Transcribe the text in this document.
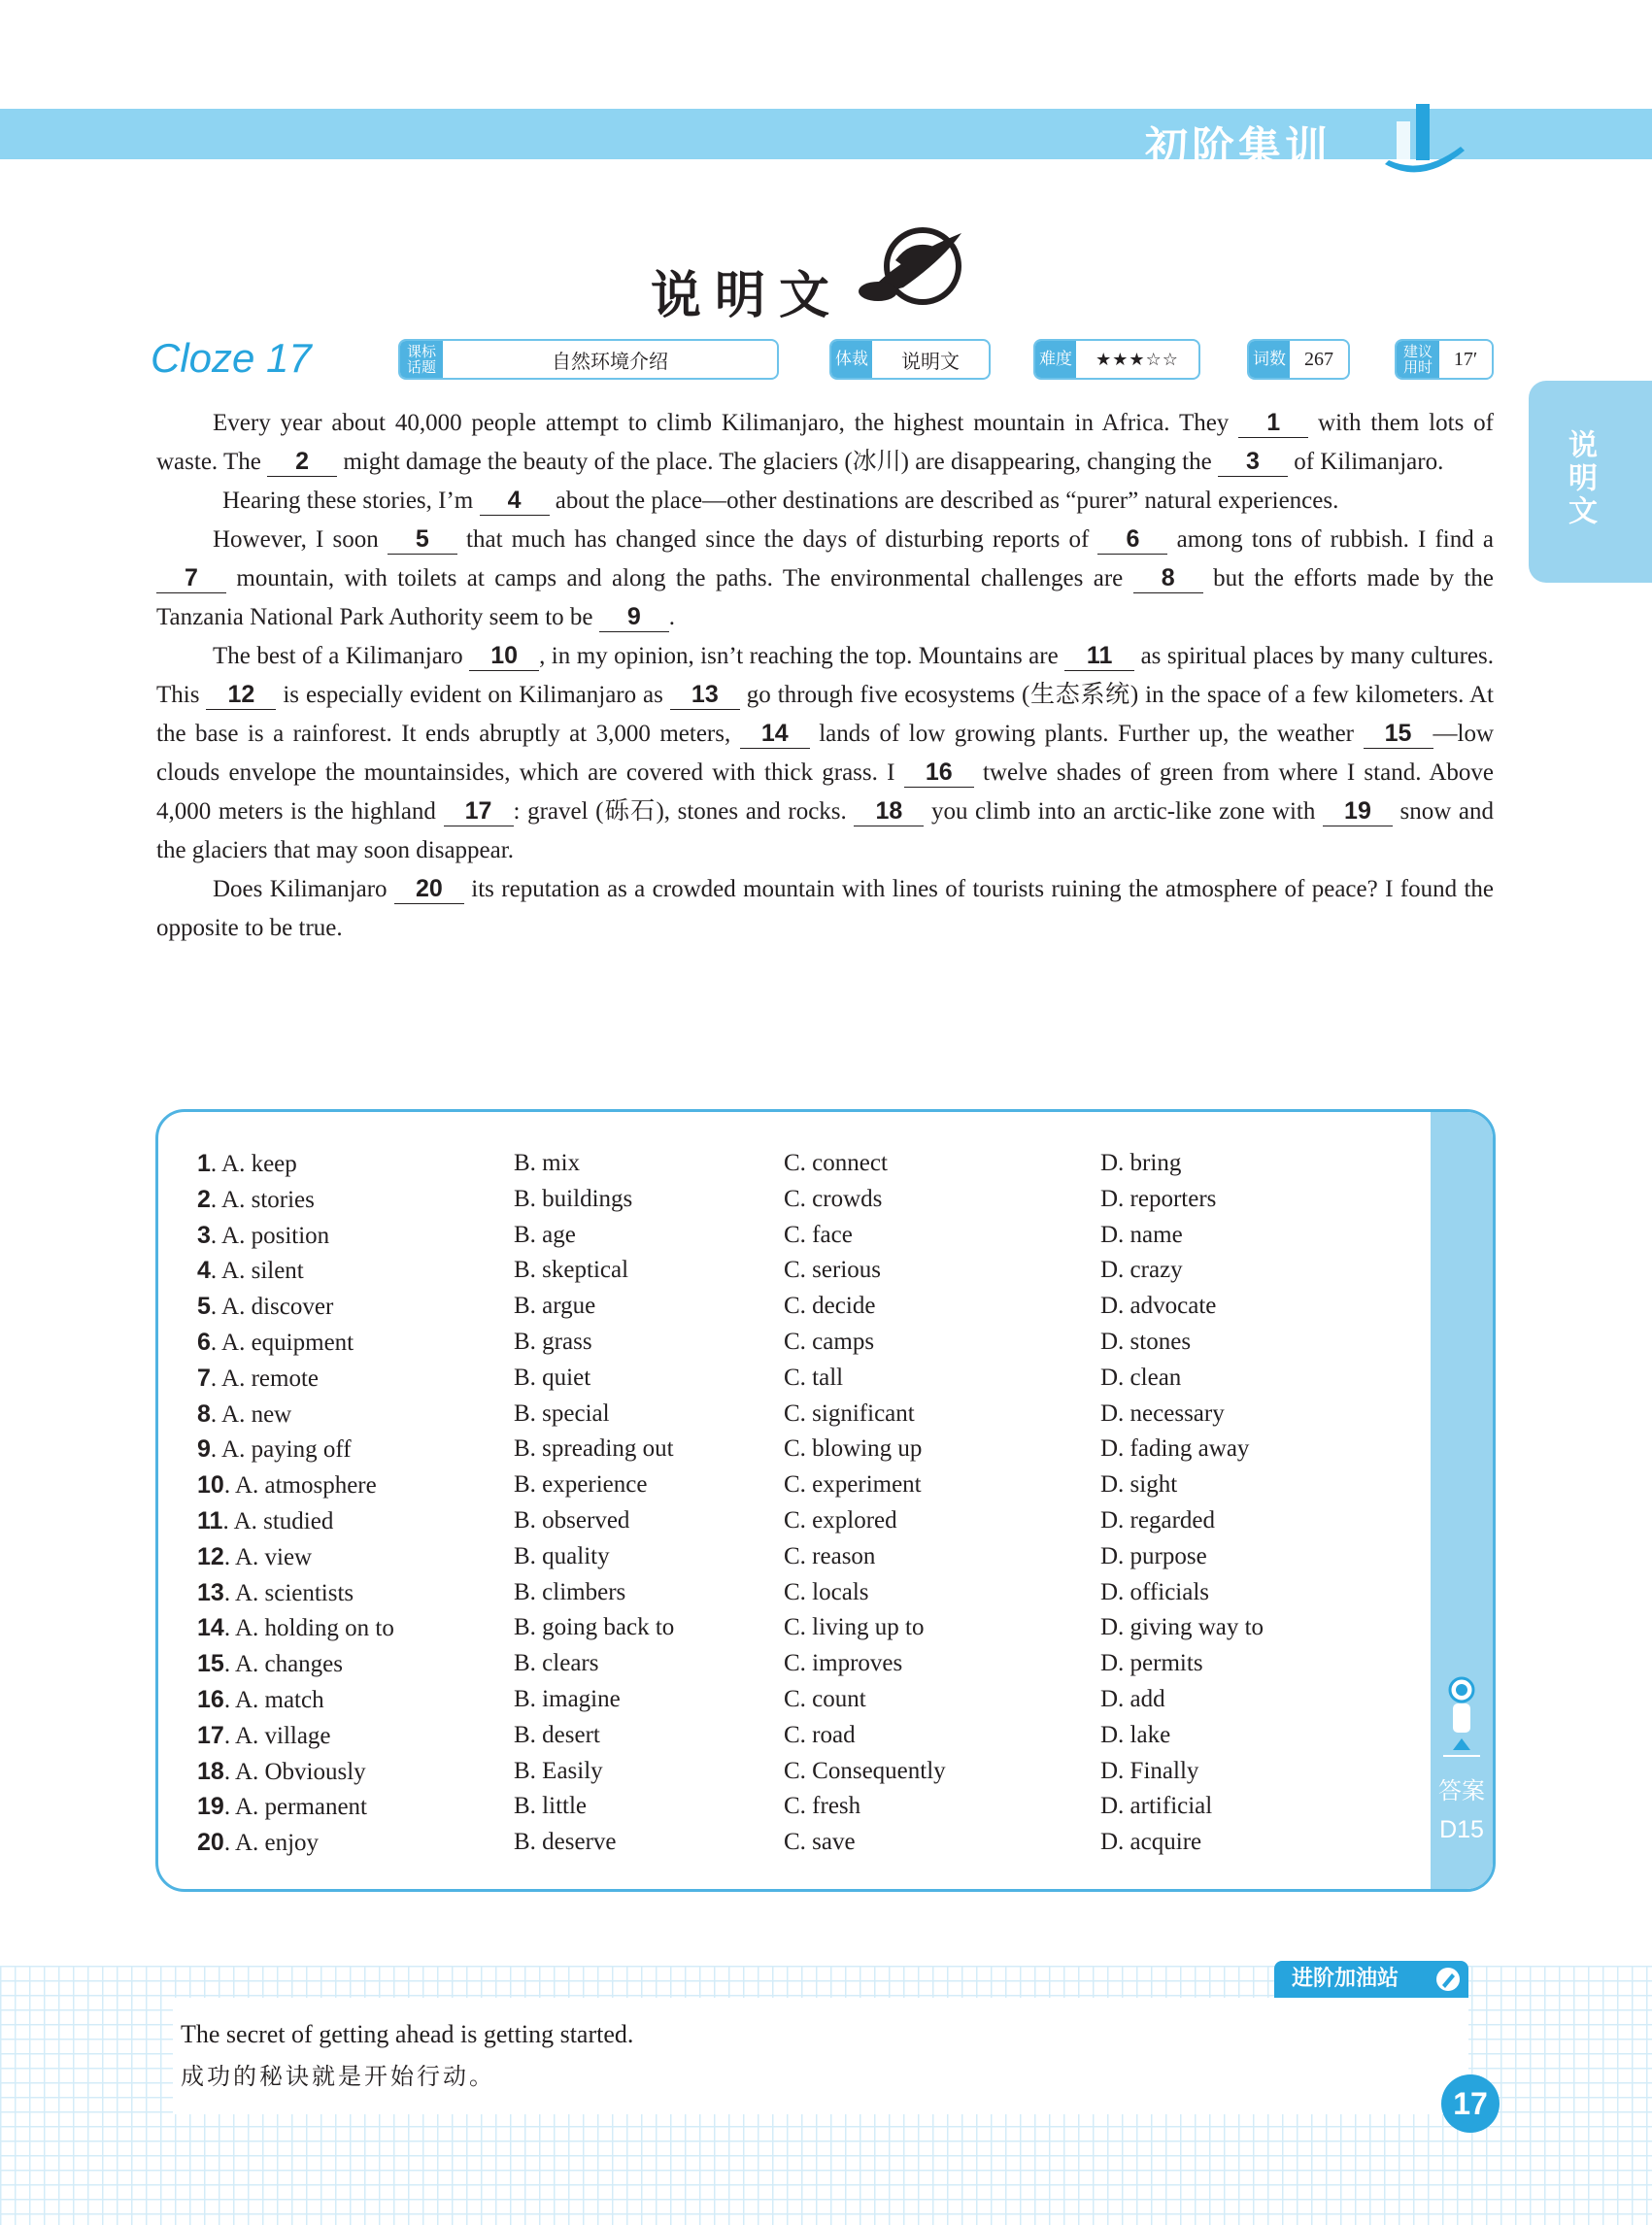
初阶集训
说明文
Cloze 17	课标话题	自然环境介绍	体裁	说明文	难度	★★★☆☆	词数 267	建议用时	17′
说明文

Every year about 40,000 people attempt to climb Kilimanjaro, the highest mountain in Africa. They 1 with them lots of waste. The 2 might damage the beauty of the place. The glaciers (冰川) are disappearing, changing the 3 of Kilimanjaro.

Hearing these stories, I’m 4 about the place—other destinations are described as “purer” natural experiences.

However, I soon 5 that much has changed since the days of disturbing reports of 6 among tons of rubbish. I find a 7 mountain, with toilets at camps and along the paths. The environmental challenges are 8 but the efforts made by the Tanzania National Park Authority seem to be 9 .

The best of a Kilimanjaro 10 , in my opinion, isn’t reaching the top. Mountains are 11 as spiritual places by many cultures. This 12 is especially evident on Kilimanjaro as 13 go through five ecosystems (生态系统) in the space of a few kilometers. At the base is a rainforest. It ends abruptly at 3,000 meters, 14 lands of low growing plants. Further up, the weather 15 —low clouds envelope the mountainsides, which are covered with thick grass. I 16 twelve shades of green from where I stand. Above 4,000 meters is the highland 17 : gravel (砾石), stones and rocks. 18 you climb into an arctic-like zone with 19 snow and the glaciers that may soon disappear.

Does Kilimanjaro 20 its reputation as a crowded mountain with lines of tourists ruining the atmosphere of peace? I found the opposite to be true.

答案
D15
1. A. keep	B. mix	C. connect	D. bring
2. A. stories	B. buildings	C. crowds	D. reporters
3. A. position	B. age	C. face	D. name
4. A. silent	B. skeptical	C. serious	D. crazy
5. A. discover	B. argue	C. decide	D. advocate
6. A. equipment	B. grass	C. camps	D. stones
7. A. remote	B. quiet	C. tall	D. clean
8. A. new	B. special	C. significant	D. necessary
9. A. paying off	B. spreading out	C. blowing up	D. fading away
10. A. atmosphere	B. experience	C. experiment	D. sight
11. A. studied	B. observed	C. explored	D. regarded
12. A. view	B. quality	C. reason	D. purpose
13. A. scientists	B. climbers	C. locals	D. officials
14. A. holding on to	B. going back to	C. living up to	D. giving way to
15. A. changes	B. clears	C. improves	D. permits
16. A. match	B. imagine	C. count	D. add
17. A. village	B. desert	C. road	D. lake
18. A. Obviously	B. Easily	C. Consequently	D. Finally
19. A. permanent	B. little	C. fresh	D. artificial
20. A. enjoy	B. deserve	C. save	D. acquire
进阶加油站
The secret of getting ahead is getting started.
成功的秘诀就是开始行动。
17
